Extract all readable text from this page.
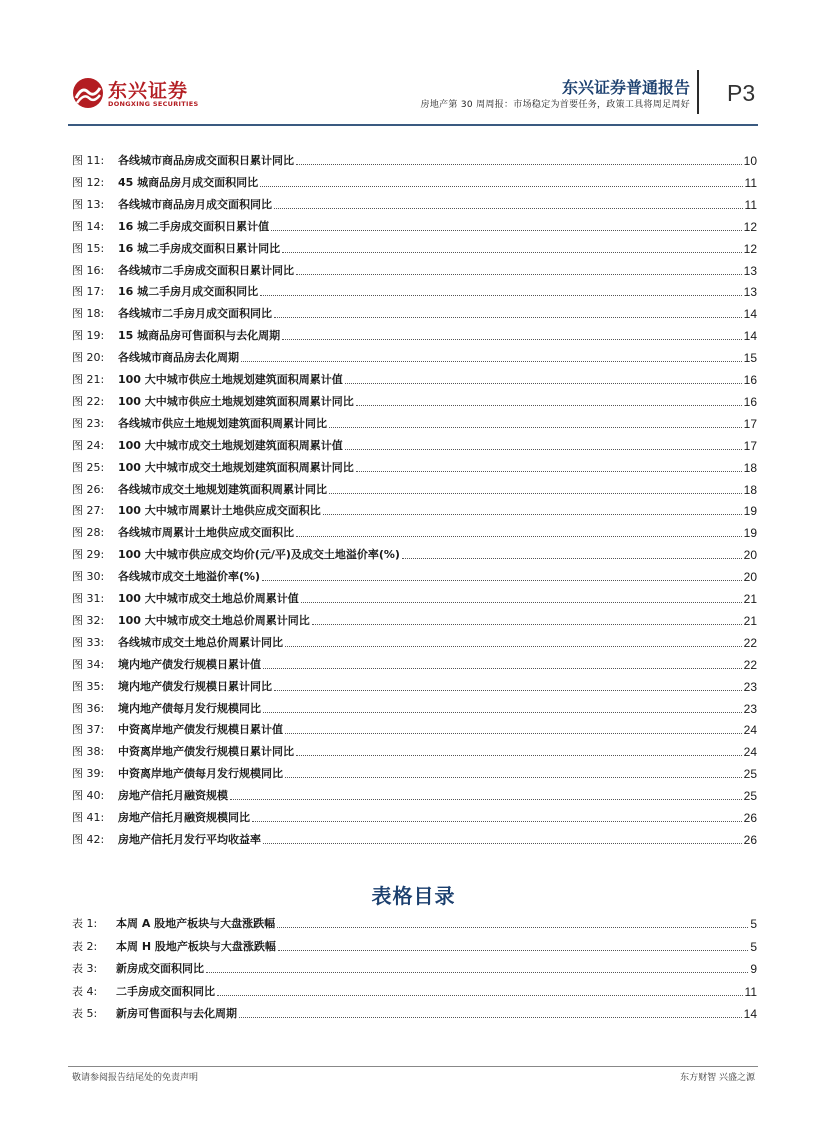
东兴证券
DONGXING SECURITIES
东兴证券普通报告
房地产第 30 周周报：市场稳定为首要任务，政策工具将周足周好 P3
图 11:	各线城市商品房成交面积日累计同比	10
图 12:	45 城商品房月成交面积同比	11
图 13:	各线城市商品房月成交面积同比	11
图 14:	16 城二手房成交面积日累计值	12
图 15:	16 城二手房成交面积日累计同比	12
图 16:	各线城市二手房成交面积日累计同比	13
图 17:	16 城二手房月成交面积同比	13
图 18:	各线城市二手房月成交面积同比	14
图 19:	15 城商品房可售面积与去化周期	14
图 20:	各线城市商品房去化周期	15
图 21:	100 大中城市供应土地规划建筑面积周累计值	16
图 22:	100 大中城市供应土地规划建筑面积周累计同比	16
图 23:	各线城市供应土地规划建筑面积周累计同比	17
图 24:	100 大中城市成交土地规划建筑面积周累计值	17
图 25:	100 大中城市成交土地规划建筑面积周累计同比	18
图 26:	各线城市成交土地规划建筑面积周累计同比	18
图 27:	100 大中城市周累计土地供应成交面积比	19
图 28:	各线城市周累计土地供应成交面积比	19
图 29:	100 大中城市供应成交均价(元/平)及成交土地溢价率(%)	20
图 30:	各线城市成交土地溢价率(%)	20
图 31:	100 大中城市成交土地总价周累计值	21
图 32:	100 大中城市成交土地总价周累计同比	21
图 33:	各线城市成交土地总价周累计同比	22
图 34:	境内地产债发行规模日累计值	22
图 35:	境内地产债发行规模日累计同比	23
图 36:	境内地产债每月发行规模同比	23
图 37:	中资离岸地产债发行规模日累计值	24
图 38:	中资离岸地产债发行规模日累计同比	24
图 39:	中资离岸地产债每月发行规模同比	25
图 40:	房地产信托月融资规模	25
图 41:	房地产信托月融资规模同比	26
图 42:	房地产信托月发行平均收益率	26
表格目录
表 1:	本周 A 股地产板块与大盘涨跌幅	5
表 2:	本周 H 股地产板块与大盘涨跌幅	5
表 3:	新房成交面积同比	9
表 4:	二手房成交面积同比	11
表 5:	新房可售面积与去化周期	14
敬请参阅报告结尾处的免责声明	东方财智 兴盛之源
